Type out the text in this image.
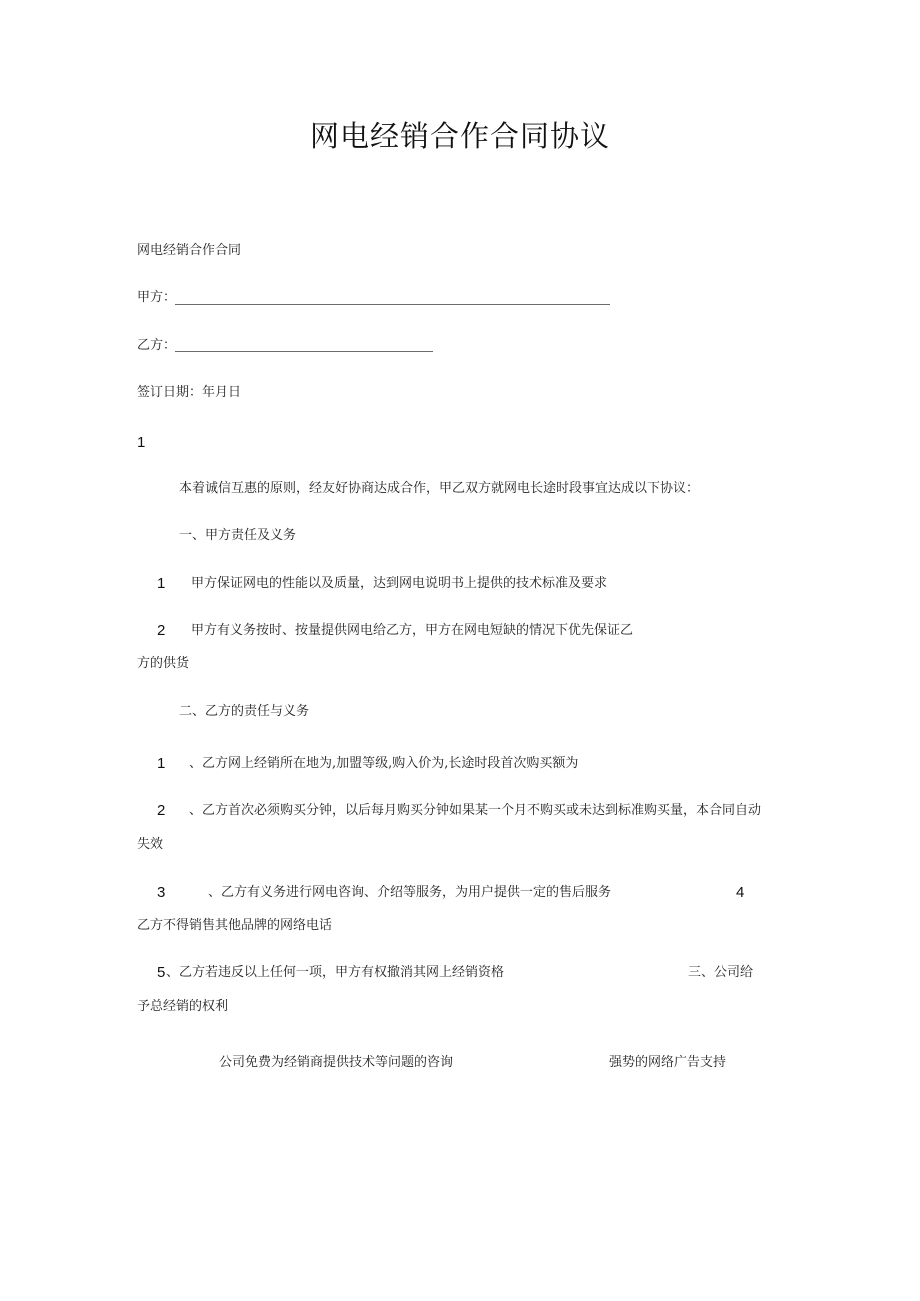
网电经销合作合同协议
网电经销合作合同
甲方：
乙方：
签订日期：年月日
1
本着诚信互惠的原则，经友好协商达成合作，甲乙双方就网电长途时段事宜达成以下协议：
一、甲方责任及义务
1 甲方保证网电的性能以及质量，达到网电说明书上提供的技术标准及要求
2 甲方有义务按时、按量提供网电给乙方，甲方在网电短缺的情况下优先保证乙
方的供货
二、乙方的责任与义务
1 、乙方网上经销所在地为,加盟等级,购入价为,长途时段首次购买额为
2 、乙方首次必须购买分钟，以后每月购买分钟如果某一个月不购买或未达到标准购买量，本合同自动
失效
3	、乙方有义务进行网电咨询、介绍等服务，为用户提供一定的售后服务	4
乙方不得销售其他品牌的网络电话
5 、乙方若违反以上任何一项，甲方有权撤消其网上经销资格	三、公司给
予总经销的权利
公司免费为经销商提供技术等问题的咨询	强势的网络广告支持
